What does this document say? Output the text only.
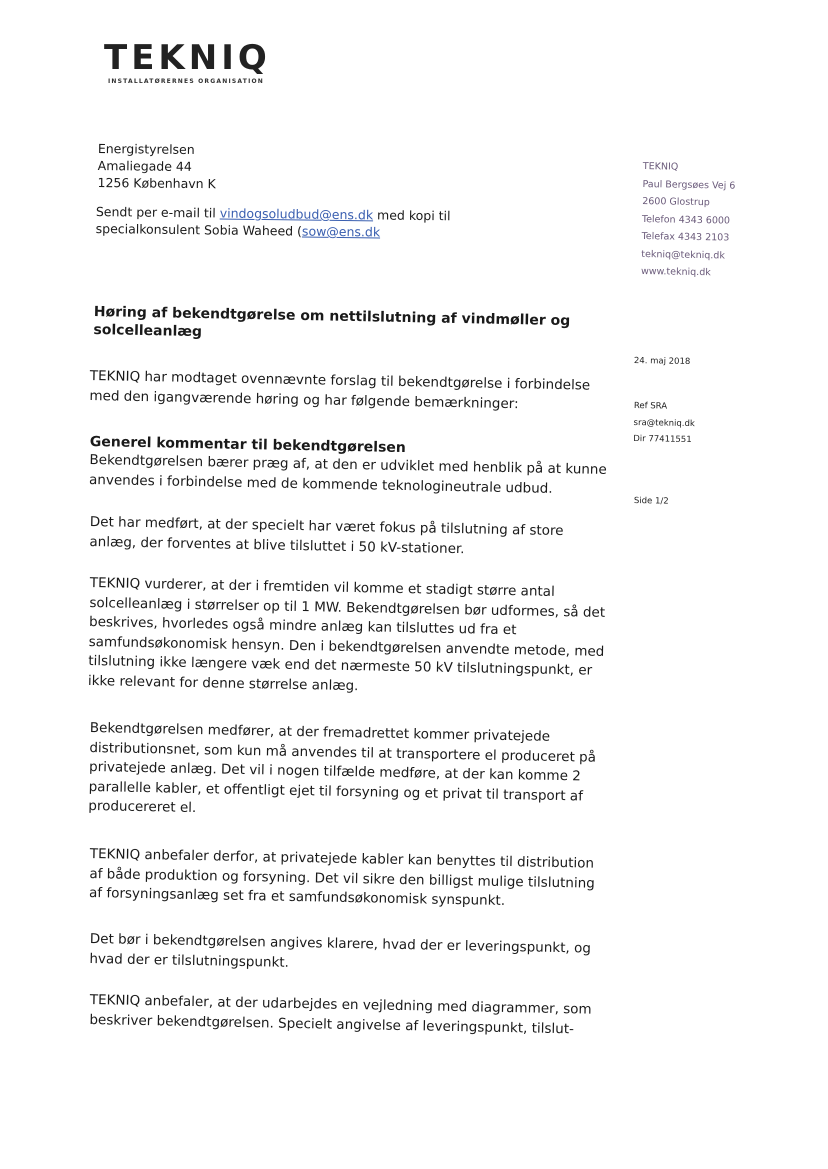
TEKNIQ
INSTALLATØRERNES ORGANISATION
Energistyrelsen
Amaliegade 44
1256 København K
Sendt per e-mail til vindogsoludbud@ens.dk med kopi til specialkonsulent Sobia Waheed (sow@ens.dk
TEKNIQ
Paul Bergsøes Vej 6
2600 Glostrup
Telefon 4343 6000
Telefax 4343 2103
tekniq@tekniq.dk
www.tekniq.dk
24. maj 2018
Ref SRA
sra@tekniq.dk
Dir 77411551
Side 1/2
Høring af bekendtgørelse om nettilslutning af vindmøller og solcelleanlæg

TEKNIQ har modtaget ovennævnte forslag til bekendtgørelse i forbindelse med den igangværende høring og har følgende bemærkninger:

Generel kommentar til bekendtgørelsen

Bekendtgørelsen bærer præg af, at den er udviklet med henblik på at kunne anvendes i forbindelse med de kommende teknologineutrale udbud.

Det har medført, at der specielt har været fokus på tilslutning af store anlæg, der forventes at blive tilsluttet i 50 kV-stationer.

TEKNIQ vurderer, at der i fremtiden vil komme et stadigt større antal solcelleanlæg i størrelser op til 1 MW. Bekendtgørelsen bør udformes, så det beskrives, hvorledes også mindre anlæg kan tilsluttes ud fra et samfundsøkonomisk hensyn. Den i bekendtgørelsen anvendte metode, med tilslutning ikke længere væk end det nærmeste 50 kV tilslutningspunkt, er ikke relevant for denne størrelse anlæg.

Bekendtgørelsen medfører, at der fremadrettet kommer privatejede distributionsnet, som kun må anvendes til at transportere el produceret på privatejede anlæg. Det vil i nogen tilfælde medføre, at der kan komme 2 parallelle kabler, et offentligt ejet til forsyning og et privat til transport af producereret el.

TEKNIQ anbefaler derfor, at privatejede kabler kan benyttes til distribution af både produktion og forsyning. Det vil sikre den billigst mulige tilslutning af forsyningsanlæg set fra et samfundsøkonomisk synspunkt.

Det bør i bekendtgørelsen angives klarere, hvad der er leveringspunkt, og hvad der er tilslutningspunkt.

TEKNIQ anbefaler, at der udarbejdes en vejledning med diagrammer, som beskriver bekendtgørelsen. Specielt angivelse af leveringspunkt, tilslut-
